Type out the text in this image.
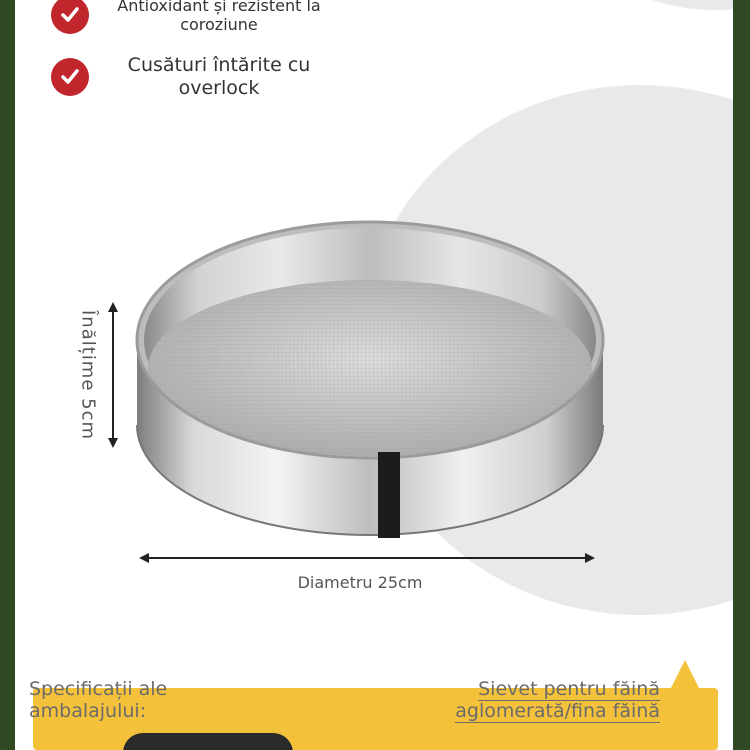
Antioxidant și rezistent la coroziune
Cusături întărite cu overlock
Înălțime 5cm
Diametru 25cm
Specificații ale ambalajului:
Sievet pentru făină aglomerată/fina făină
